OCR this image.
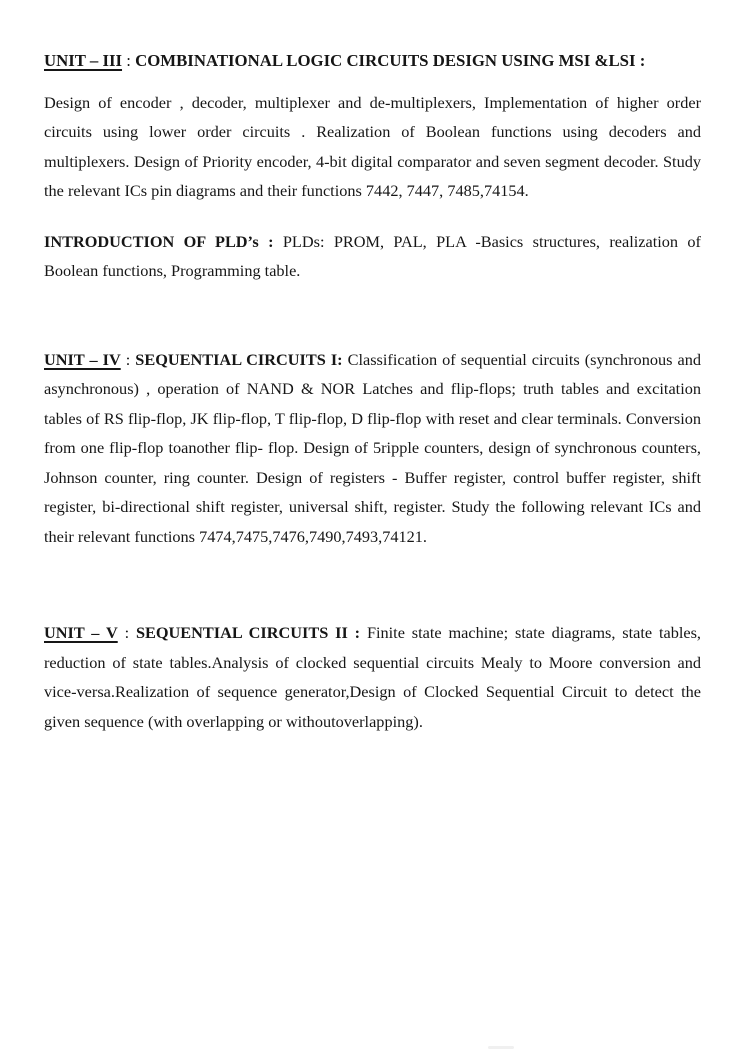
UNIT – III : COMBINATIONAL LOGIC CIRCUITS DESIGN USING MSI &LSI :

Design of encoder , decoder, multiplexer and de-multiplexers, Implementation of higher order circuits using lower order circuits . Realization of Boolean functions using decoders and multiplexers. Design of Priority encoder, 4-bit digital comparator and seven segment decoder. Study the relevant ICs pin diagrams and their functions 7442, 7447, 7485,74154.

INTRODUCTION OF PLD’s : PLDs: PROM, PAL, PLA -Basics structures, realization of Boolean functions, Programming table.

UNIT – IV : SEQUENTIAL CIRCUITS I: Classification of sequential circuits (synchronous and asynchronous) , operation of NAND & NOR Latches and flip-flops; truth tables and excitation tables of RS flip-flop, JK flip-flop, T flip-flop, D flip-flop with reset and clear terminals. Conversion from one flip-flop toanother flip- flop. Design of 5ripple counters, design of synchronous counters, Johnson counter, ring counter. Design of registers - Buffer register, control buffer register, shift register, bi-directional shift register, universal shift, register. Study the following relevant ICs and their relevant functions 7474,7475,7476,7490,7493,74121.

UNIT – V : SEQUENTIAL CIRCUITS II : Finite state machine; state diagrams, state tables, reduction of state tables.Analysis of clocked sequential circuits Mealy to Moore conversion and vice-versa.Realization of sequence generator,Design of Clocked Sequential Circuit to detect the given sequence (with overlapping or withoutoverlapping).
